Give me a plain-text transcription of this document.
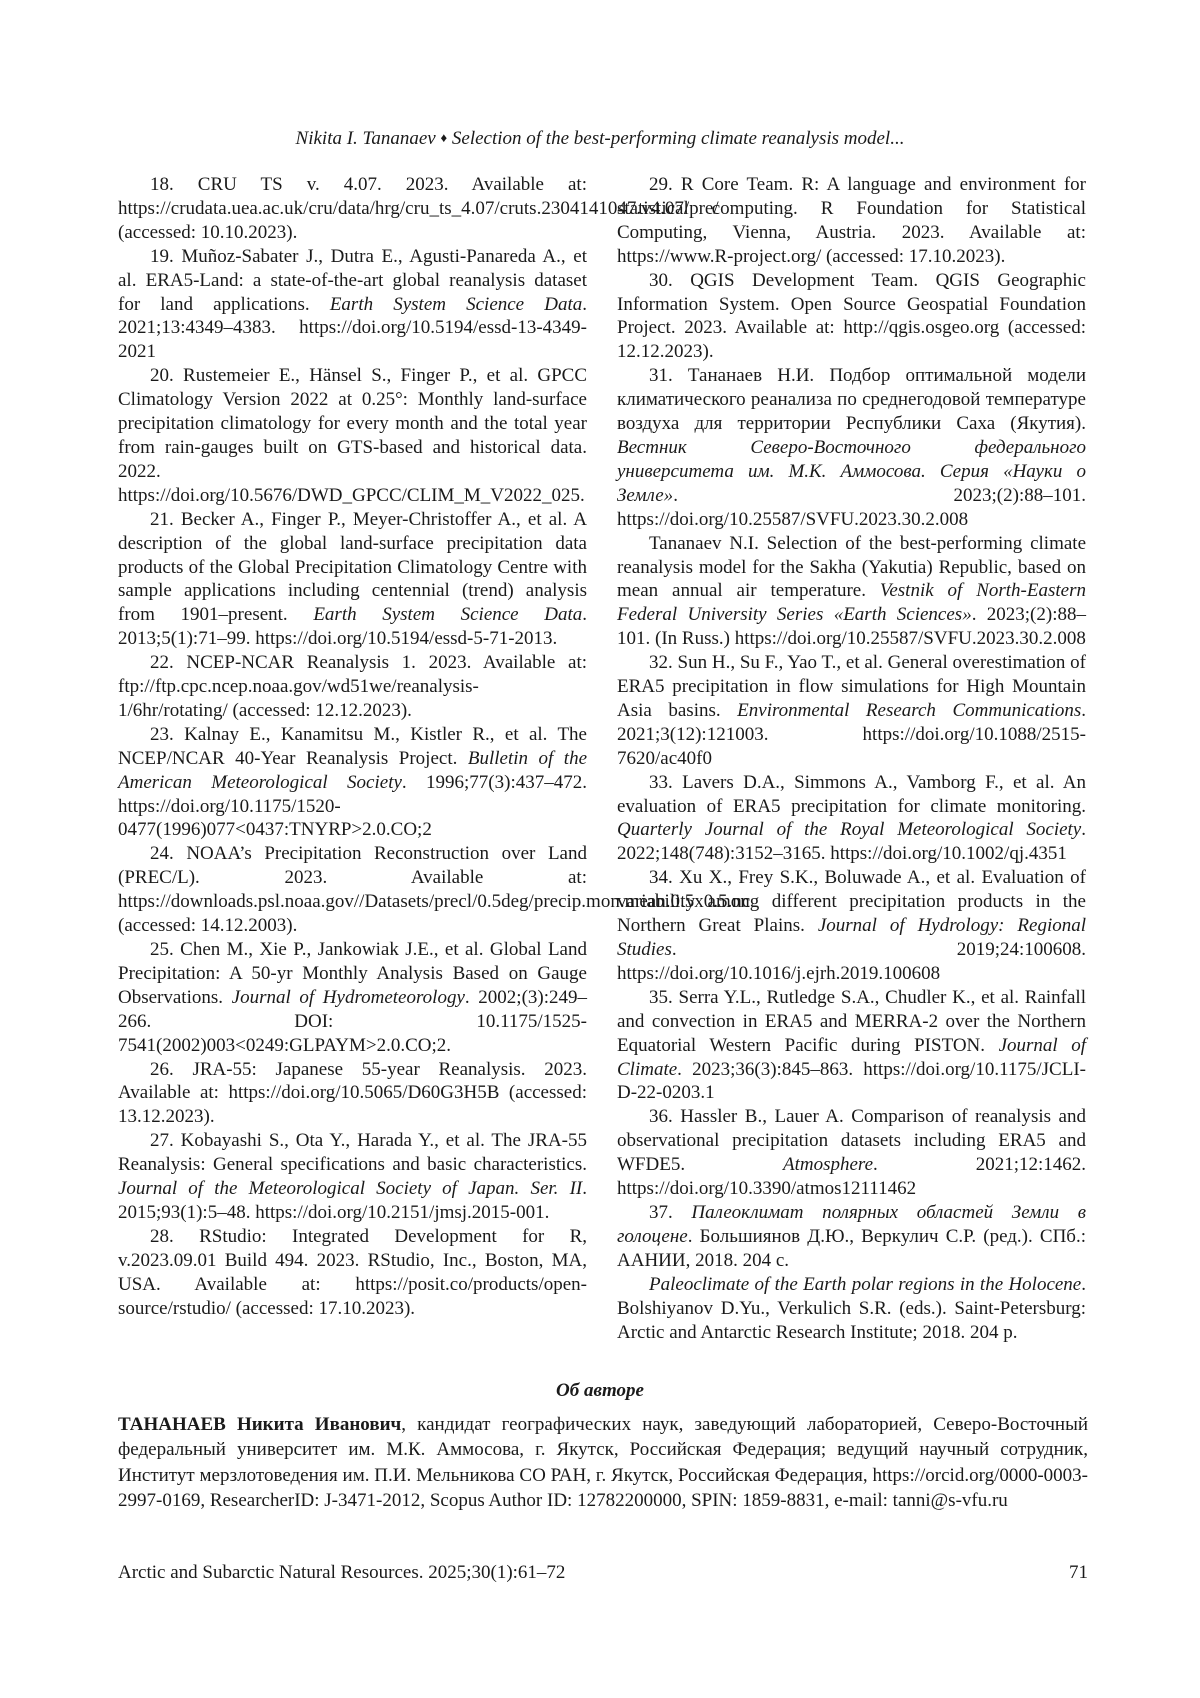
Nikita I. Tananaev ♦ Selection of the best-performing climate reanalysis model...

18. CRU TS v. 4.07. 2023. Available at: https://crudata.uea.ac.uk/cru/data/hrg/cru_ts_4.07/cruts.2304141047.v4.07/pre/ (accessed: 10.10.2023).

19. Muñoz-Sabater J., Dutra E., Agusti-Panareda A., et al. ERA5-Land: a state-of-the-art global reanalysis dataset for land applications. Earth System Science Data. 2021;13:4349–4383. https://doi.org/10.5194/essd-13-4349-2021

20. Rustemeier E., Hänsel S., Finger P., et al. GPCC Climatology Version 2022 at 0.25°: Monthly land-surface precipitation climatology for every month and the total year from rain-gauges built on GTS-based and historical data. 2022. https://doi.org/10.5676/DWD_GPCC/CLIM_M_V2022_025.

21. Becker A., Finger P., Meyer-Christoffer A., et al. A description of the global land-surface precipitation data products of the Global Precipitation Climatology Centre with sample applications including centennial (trend) analysis from 1901–present. Earth System Science Data. 2013;5(1):71–99. https://doi.org/10.5194/essd-5-71-2013.

22. NCEP-NCAR Reanalysis 1. 2023. Available at: ftp://ftp.cpc.ncep.noaa.gov/wd51we/reanalysis-1/6hr/rotating/ (accessed: 12.12.2023).

23. Kalnay E., Kanamitsu M., Kistler R., et al. The NCEP/NCAR 40-Year Reanalysis Project. Bulletin of the American Meteorological Society. 1996;77(3):437–472. https://doi.org/10.1175/1520-0477(1996)077<0437:TNYRP>2.0.CO;2

24. NOAA’s Precipitation Reconstruction over Land (PREC/L). 2023. Available at: https://downloads.psl.noaa.gov//Datasets/precl/0.5deg/precip.mon.mean.0.5x0.5.nc (accessed: 14.12.2003).

25. Chen M., Xie P., Jankowiak J.E., et al. Global Land Precipitation: A 50-yr Monthly Analysis Based on Gauge Observations. Journal of Hydrometeorology. 2002;(3):249–266. DOI: 10.1175/1525-7541(2002)003<0249:GLPAYM>2.0.CO;2.

26. JRA-55: Japanese 55-year Reanalysis. 2023. Available at: https://doi.org/10.5065/D60G3H5B (accessed: 13.12.2023).

27. Kobayashi S., Ota Y., Harada Y., et al. The JRA-55 Reanalysis: General specifications and basic characteristics. Journal of the Meteorological Society of Japan. Ser. II. 2015;93(1):5–48. https://doi.org/10.2151/jmsj.2015-001.

28. RStudio: Integrated Development for R, v.2023.09.01 Build 494. 2023. RStudio, Inc., Boston, MA, USA. Available at: https://posit.co/products/open-source/rstudio/ (accessed: 17.10.2023).

29. R Core Team. R: A language and environment for statistical computing. R Foundation for Statistical Computing, Vienna, Austria. 2023. Available at: https://www.R-project.org/ (accessed: 17.10.2023).

30. QGIS Development Team. QGIS Geographic Information System. Open Source Geospatial Foundation Project. 2023. Available at: http://qgis.osgeo.org (accessed: 12.12.2023).

31. Тананаев Н.И. Подбор оптимальной модели климатического реанализа по среднегодовой температуре воздуха для территории Республики Саха (Якутия). Вестник Северо-Восточного федерального университета им. М.К. Аммосова. Серия «Науки о Земле». 2023;(2):88–101. https://doi.org/10.25587/SVFU.2023.30.2.008

Tananaev N.I. Selection of the best-performing climate reanalysis model for the Sakha (Yakutia) Republic, based on mean annual air temperature. Vestnik of North-Eastern Federal University Series «Earth Sciences». 2023;(2):88–101. (In Russ.) https://doi.org/10.25587/SVFU.2023.30.2.008

32. Sun H., Su F., Yao T., et al. General overestimation of ERA5 precipitation in flow simulations for High Mountain Asia basins. Environmental Research Communications. 2021;3(12):121003. https://doi.org/10.1088/2515-7620/ac40f0

33. Lavers D.A., Simmons A., Vamborg F., et al. An evaluation of ERA5 precipitation for climate monitoring. Quarterly Journal of the Royal Meteorological Society. 2022;148(748):3152–3165. https://doi.org/10.1002/qj.4351

34. Xu X., Frey S.K., Boluwade A., et al. Evaluation of variability among different precipitation products in the Northern Great Plains. Journal of Hydrology: Regional Studies. 2019;24:100608. https://doi.org/10.1016/j.ejrh.2019.100608

35. Serra Y.L., Rutledge S.A., Chudler K., et al. Rainfall and convection in ERA5 and MERRA-2 over the Northern Equatorial Western Pacific during PISTON. Journal of Climate. 2023;36(3):845–863. https://doi.org/10.1175/JCLI-D-22-0203.1

36. Hassler B., Lauer A. Comparison of reanalysis and observational precipitation datasets including ERA5 and WFDE5. Atmosphere. 2021;12:1462. https://doi.org/10.3390/atmos12111462

37. Палеоклимат полярных областей Земли в голоцене. Большиянов Д.Ю., Веркулич С.Р. (ред.). СПб.: ААНИИ, 2018. 204 с.

Paleoclimate of the Earth polar regions in the Holocene. Bolshiyanov D.Yu., Verkulich S.R. (eds.). Saint-Petersburg: Arctic and Antarctic Research Institute; 2018. 204 p.

Об авторе
ТАНАНАЕВ Никита Иванович, кандидат географических наук, заведующий лабораторией, Северо-Восточный федеральный университет им. М.К. Аммосова, г. Якутск, Российская Федерация; ведущий научный сотрудник, Институт мерзлотоведения им. П.И. Мельникова СО РАН, г. Якутск, Российская Федерация, https://orcid.org/0000-0003-2997-0169, ResearcherID: J-3471-2012, Scopus Author ID: 12782200000, SPIN: 1859-8831, e-mail: tanni@s-vfu.ru
Arctic and Subarctic Natural Resources. 2025;30(1):61–72	71
